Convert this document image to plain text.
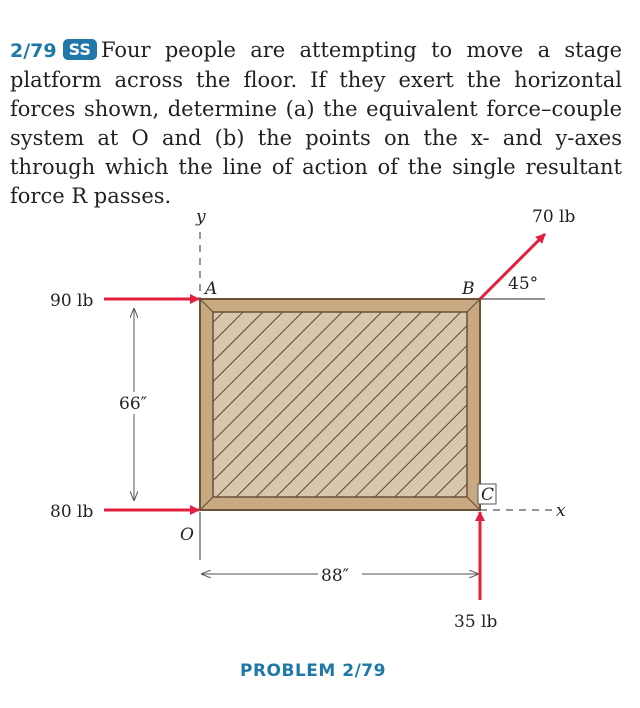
2/79 SS Four people are attempting to move a stage platform across the floor. If they exert the horizontal forces shown, determine (a) the equivalent force–couple system at O and (b) the points on the x- and y-axes through which the line of action of the single resultant force R passes.
y
x
A	B
C
O
90 lb
80 lb
70 lb
45°
35 lb
66″
88″
PROBLEM 2/79
